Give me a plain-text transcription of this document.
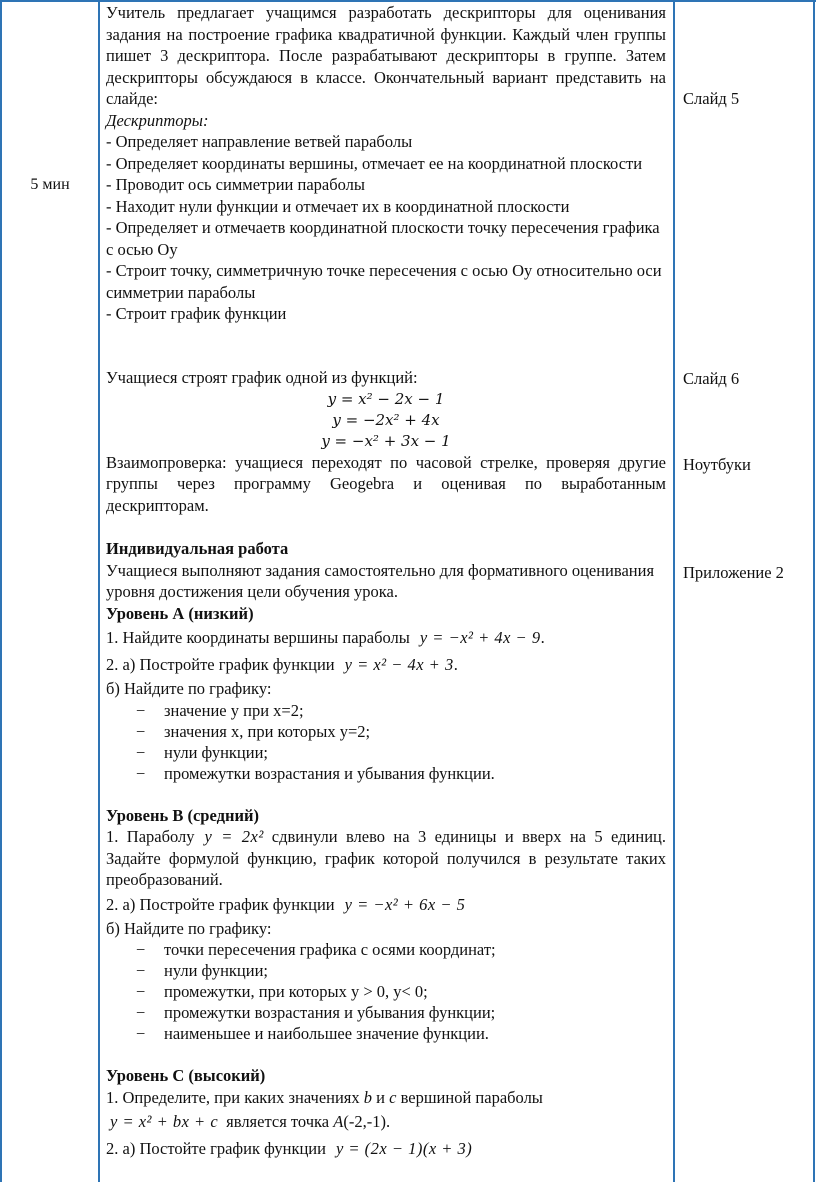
5 мин
Слайд 5
Слайд 6
Ноутбуки
Приложение 2

Учитель предлагает учащимся разработать дескрипторы для оценивания задания на построение графика квадратичной функции. Каждый член группы пишет 3 дескриптора. После разрабатывают дескрипторы в группе. Затем дескрипторы обсуждаюся в классе. Окончательный вариант представить на слайде:

Дескрипторы:

- Определяет направление ветвей параболы

- Определяет координаты вершины, отмечает ее на координатной плоскости

- Проводит ось симметрии параболы

- Находит нули функции и отмечает их в координатной плоскости

- Определяет и отмечаетв координатной плоскости точку пересечения графика с осью Оу

- Строит точку, симметричную точке пересечения с осью Оу относительно оси симметрии параболы

- Строит график функции

Учащиеся строят график одной из функций:

y = x² − 2x − 1

y = −2x² + 4x

y = −x² + 3x − 1

Взаимопроверка: учащиеся переходят по часовой стрелке, проверяя другие группы через программу Geogebra и оценивая по выработанным дескрипторам.

Индивидуальная работа

Учащиеся выполняют задания самостоятельно для формативного оценивания уровня достижения цели обучения урока.

Уровень А (низкий)

1. Найдите координаты вершины параболы y = −x² + 4x − 9.

2. а) Постройте график функции y = x² − 4x + 3.

б) Найдите по графику:

− значение у при х=2;

− значения х, при которых у=2;

− нули функции;

− промежутки возрастания и убывания функции.

Уровень В (средний)

1. Параболу y = 2x² сдвинули влево на 3 единицы и вверх на 5 единиц. Задайте формулой функцию, график которой получился в результате таких преобразований.

2. а) Постройте график функции y = −x² + 6x − 5

б) Найдите по графику:

− точки пересечения графика с осями координат;

− нули функции;

− промежутки, при которых у > 0, у< 0;

− промежутки возрастания и убывания функции;

− наименьшее и наибольшее значение функции.

Уровень С (высокий)

1. Определите, при каких значениях b и c вершиной параболы

y = x² + bx + c является точка A(-2,-1).

2. а) Постойте график функции y = (2x − 1)(x + 3)
